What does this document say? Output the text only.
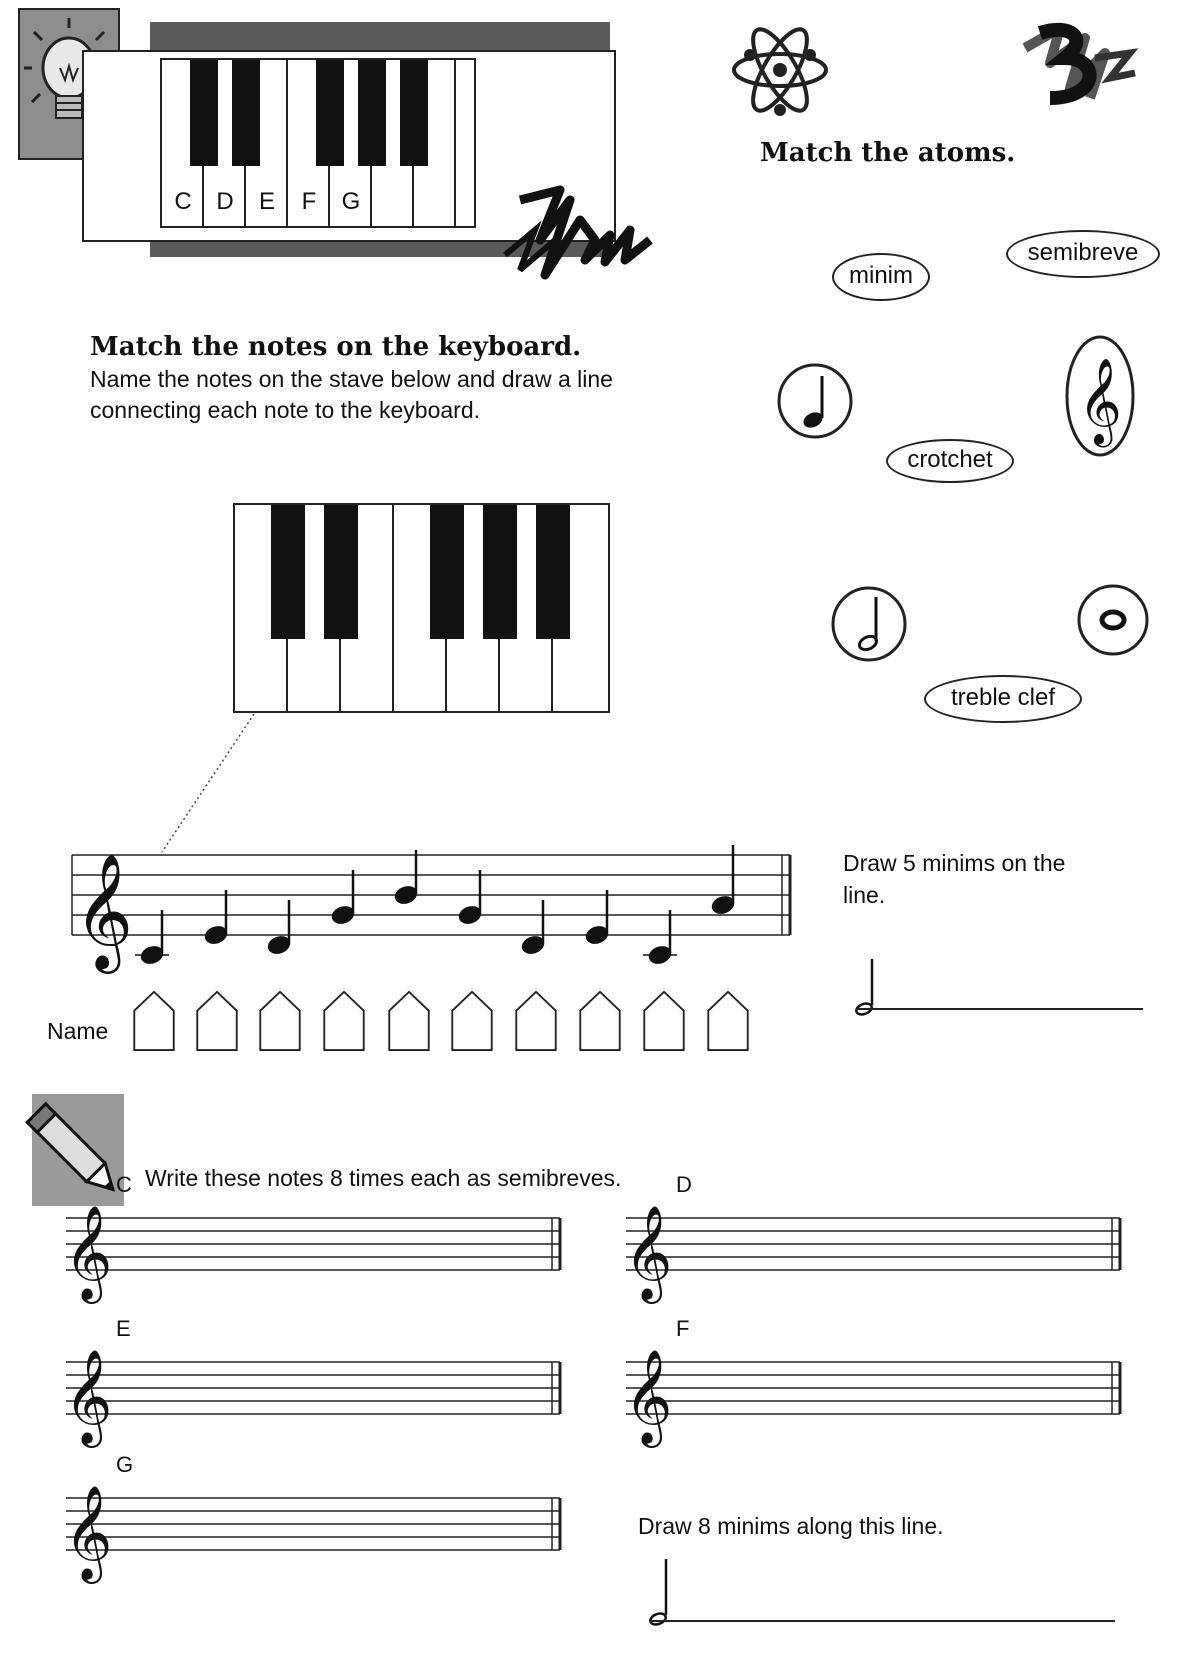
C	D	E	F	G
Match the atoms.
minim
semibreve
crotchet
treble clef
𝄞
Match the notes on the keyboard.
Name the notes on the stave below and draw a line
connecting each note to the keyboard.
𝄞
Name
Draw 5 minims on the
line.
Write these notes 8 times each as semibreves.
C
𝄞
D
𝄞
E
𝄞
F
𝄞
G
𝄞	Draw 8 minims along this line.
